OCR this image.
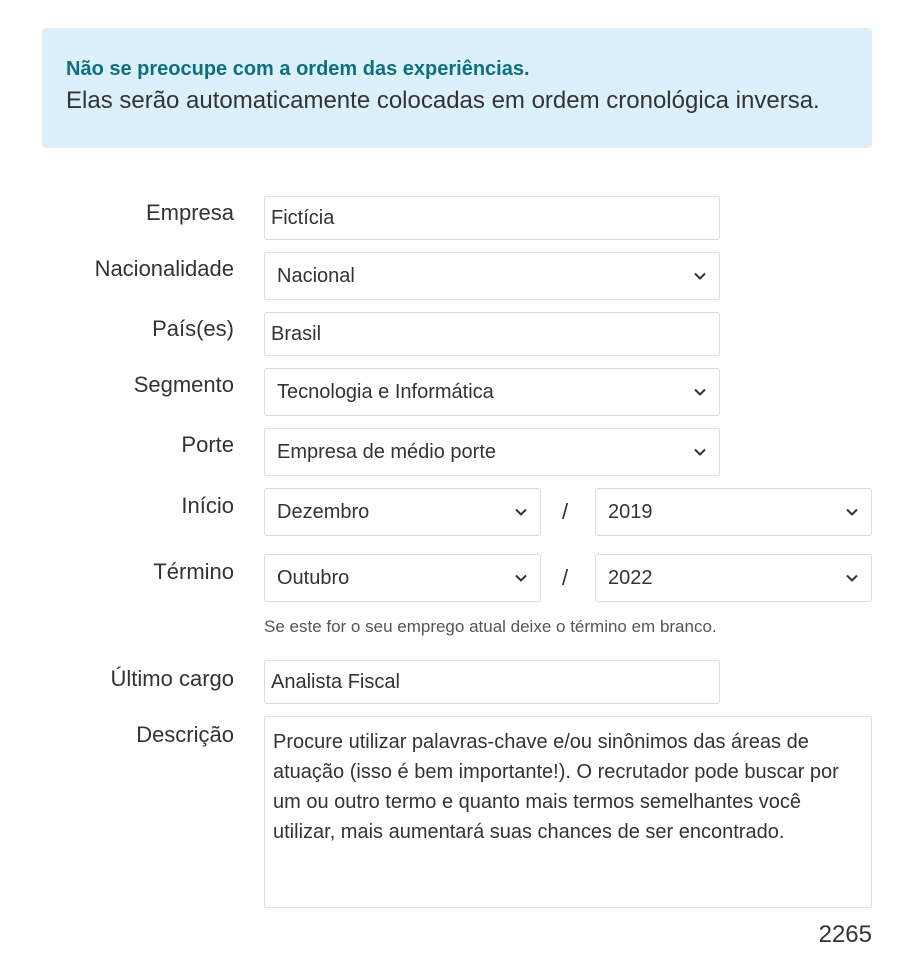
Não se preocupe com a ordem das experiências.
Elas serão automaticamente colocadas em ordem cronológica inversa.
Empresa
Fictícia
Nacionalidade Nacional
País(es)
Brasil
Segmento Tecnologia e Informática
Porte Empresa de médio porte
Início Dezembro	/ 2019
Término Outubro	/ 2022
Se este for o seu emprego atual deixe o término em branco.
Último cargo
Analista Fiscal
Descrição
Procure utilizar palavras-chave e/ou sinônimos das áreas de atuação (isso é bem importante!). O recrutador pode buscar por um ou outro termo e quanto mais termos semelhantes você utilizar, mais aumentará suas chances de ser encontrado.
2265
